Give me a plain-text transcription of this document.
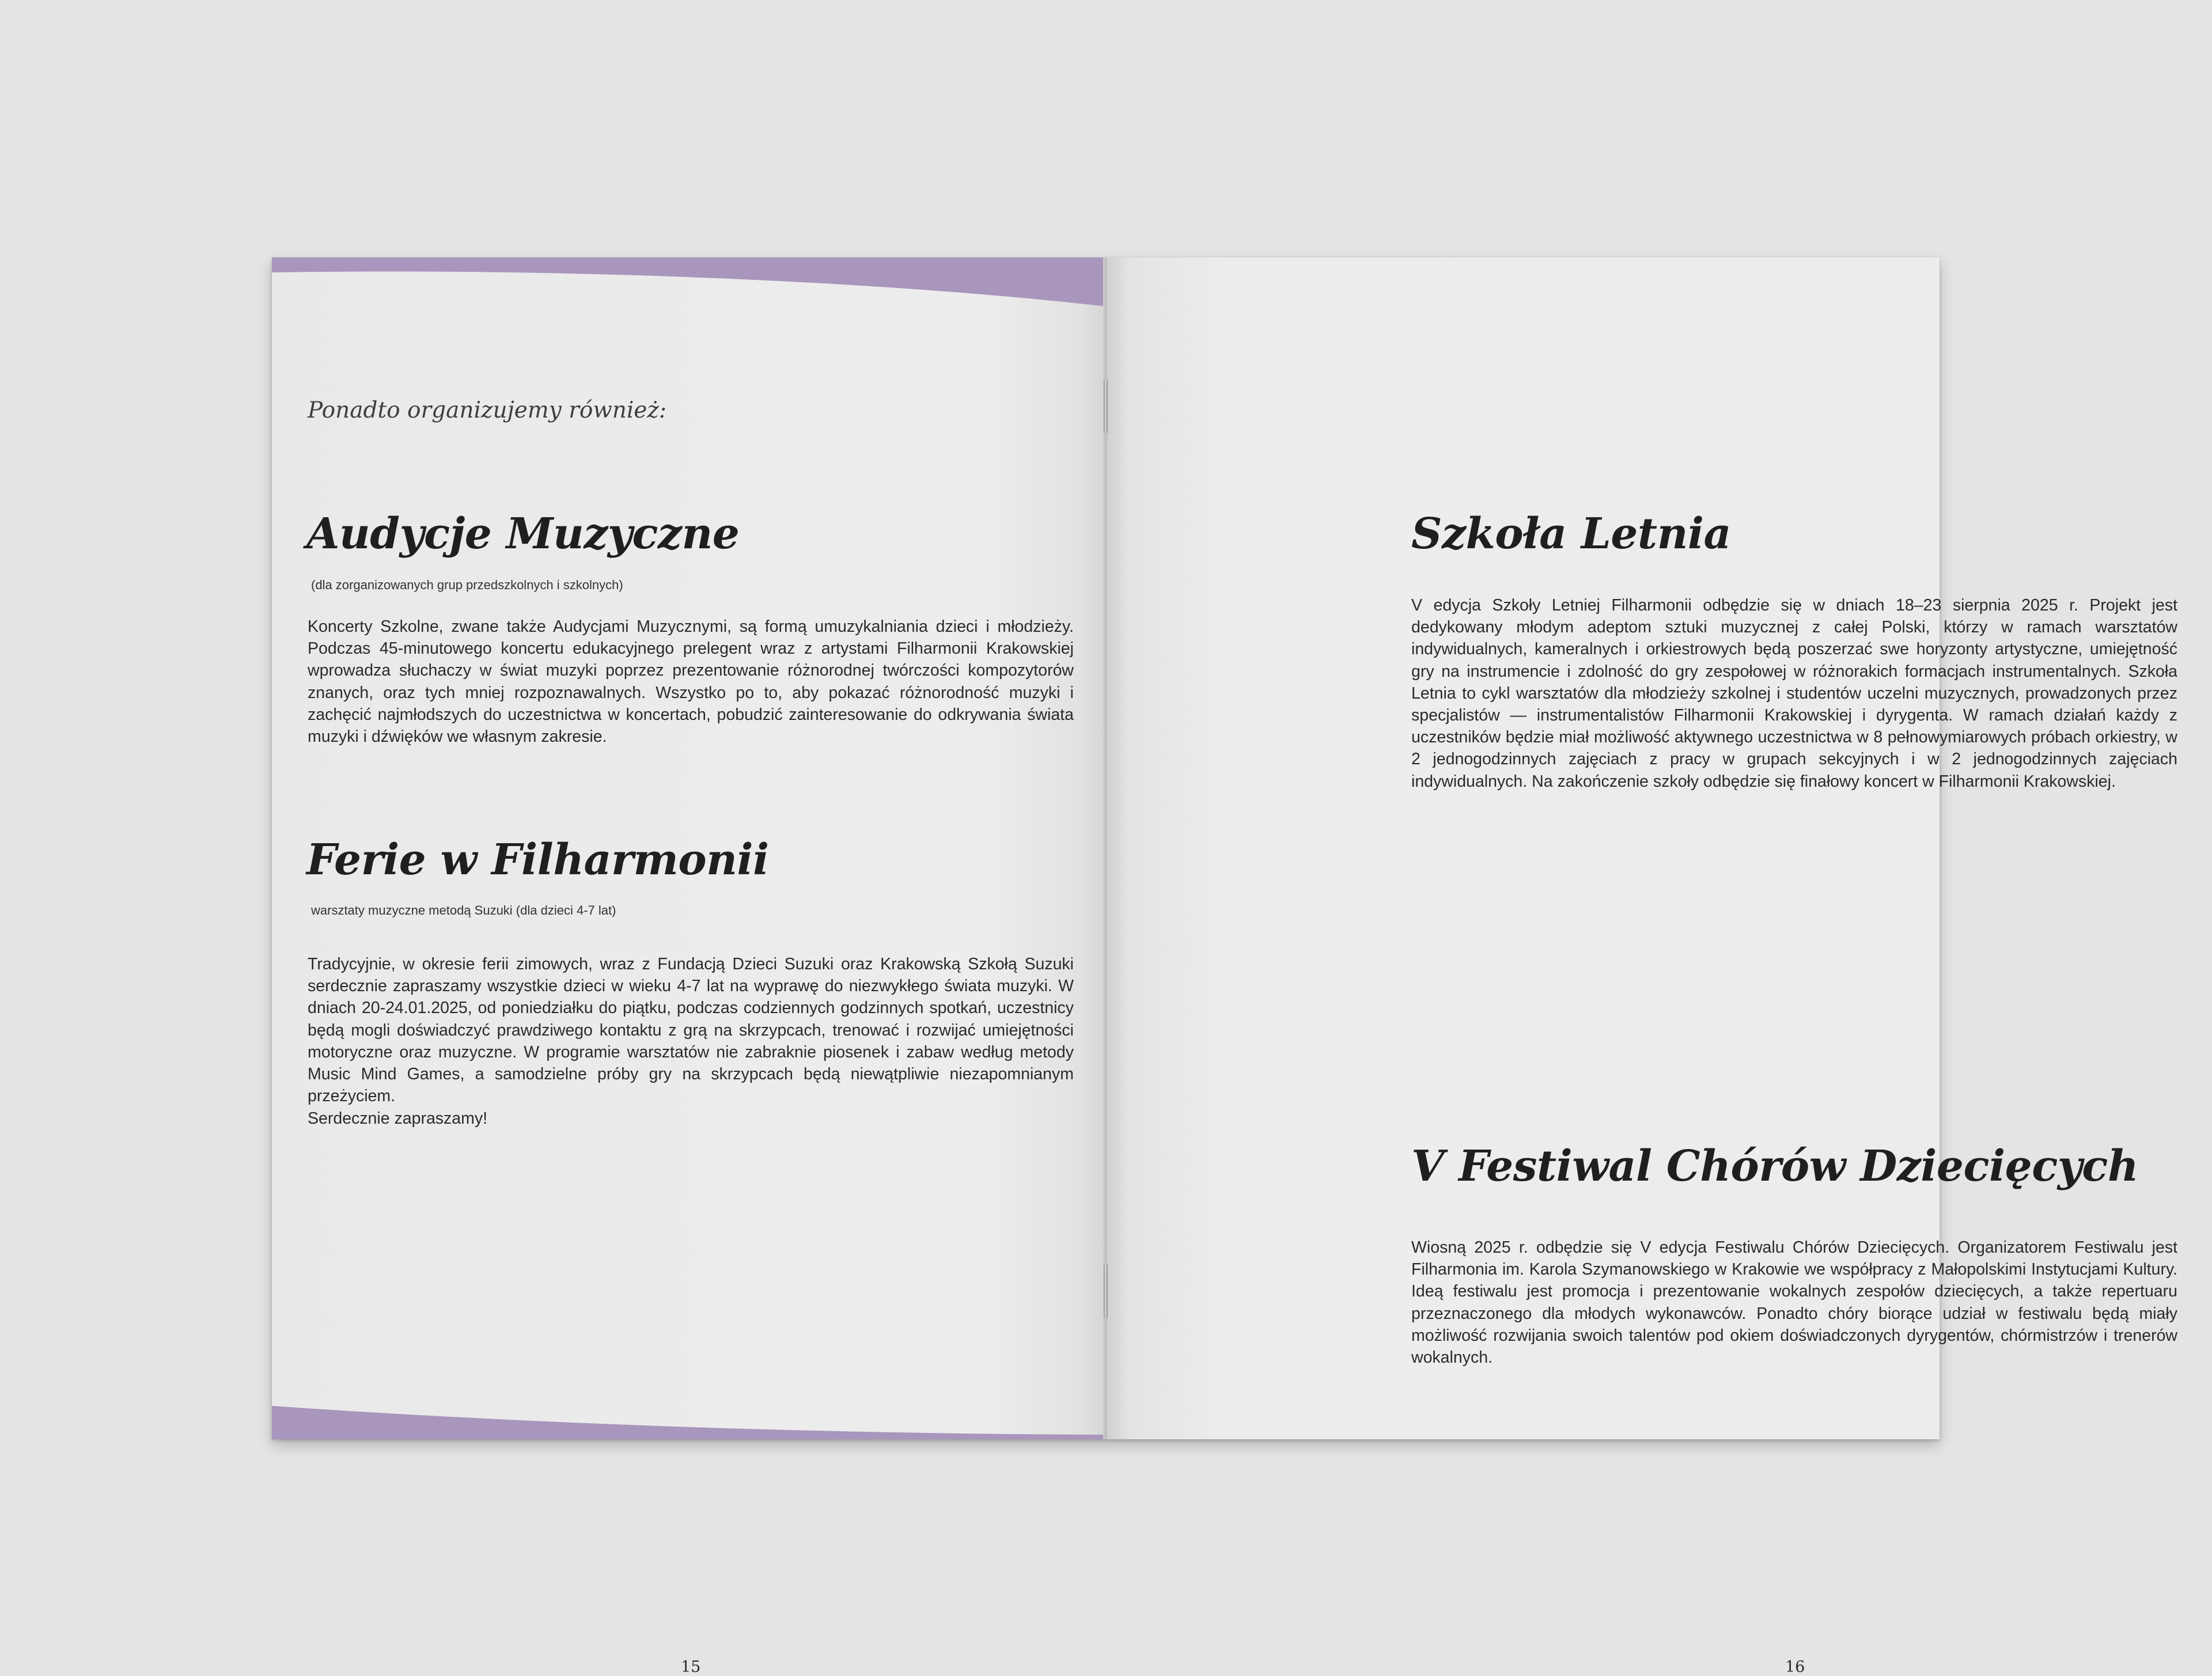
Ponadto organizujemy również:

Audycje Muzyczne

(dla zorganizowanych grup przedszkolnych i szkolnych)

Koncerty Szkolne, zwane także Audycjami Muzycznymi, są formą umuzykalniania dzieci i młodzieży. Podczas 45-minutowego koncertu edukacyjnego prelegent wraz z artystami Filharmonii Krakowskiej wprowadza słuchaczy w świat muzyki poprzez prezentowanie różnorodnej twórczości kompozytorów znanych, oraz tych mniej rozpoznawalnych. Wszystko po to, aby pokazać różnorodność muzyki i zachęcić najmłodszych do uczestnictwa w koncertach, pobudzić zainteresowanie do odkrywania świata muzyki i dźwięków we własnym zakresie.

Ferie w Filharmonii

warsztaty muzyczne metodą Suzuki (dla dzieci 4-7 lat)

Tradycyjnie, w okresie ferii zimowych, wraz z Fundacją Dzieci Suzuki oraz Krakowską Szkołą Suzuki serdecznie zapraszamy wszystkie dzieci w wieku 4-7 lat na wyprawę do niezwykłego świata muzyki. W dniach 20-24.01.2025, od poniedziałku do piątku, podczas codziennych godzinnych spotkań, uczestnicy będą mogli doświadczyć prawdziwego kontaktu z grą na skrzypcach, trenować i rozwijać umiejętności motoryczne oraz muzyczne. W programie warsztatów nie zabraknie piosenek i zabaw według metody Music Mind Games, a samodzielne próby gry na skrzypcach będą niewątpliwie niezapomnianym przeżyciem.

Serdecznie zapraszamy!

15

Szkoła Letnia

V edycja Szkoły Letniej Filharmonii odbędzie się w dniach 18–23 sierpnia 2025 r. Projekt jest dedykowany młodym adeptom sztuki muzycznej z całej Polski, którzy w ramach warsztatów indywidualnych, kameralnych i orkiestrowych będą poszerzać swe horyzonty artystyczne, umiejętność gry na instrumencie i zdolność do gry zespołowej w różnorakich formacjach instrumentalnych. Szkoła Letnia to cykl warsztatów dla młodzieży szkolnej i studentów uczelni muzycznych, prowadzonych przez specjalistów — instrumentalistów Filharmonii Krakowskiej i dyrygenta. W ramach działań każdy z uczestników będzie miał możliwość aktywnego uczestnictwa w 8 pełnowymiarowych próbach orkiestry, w 2 jednogodzinnych zajęciach z pracy w grupach sekcyjnych i w 2 jednogodzinnych zajęciach indywidualnych. Na zakończenie szkoły odbędzie się finałowy koncert w Filharmonii Krakowskiej.

V Festiwal Chórów Dziecięcych

Wiosną 2025 r. odbędzie się V edycja Festiwalu Chórów Dziecięcych. Organizatorem Festiwalu jest Filharmonia im. Karola Szymanowskiego w Krakowie we współpracy z Małopolskimi Instytucjami Kultury. Ideą festiwalu jest promocja i prezentowanie wokalnych zespołów dziecięcych, a także repertuaru przeznaczonego dla młodych wykonawców. Ponadto chóry biorące udział w festiwalu będą miały możliwość rozwijania swoich talentów pod okiem doświadczonych dyrygentów, chórmistrzów i trenerów wokalnych.

16
